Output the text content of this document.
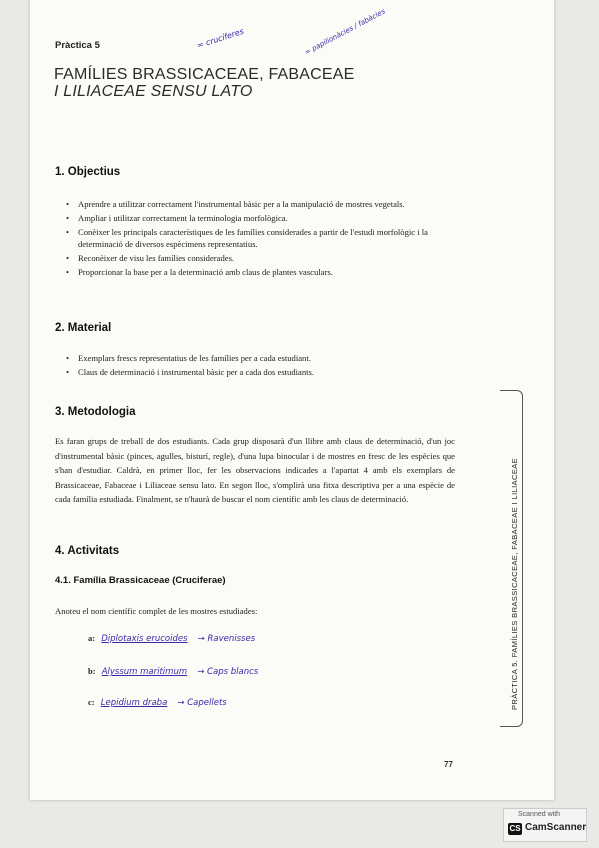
Pràctica 5	= crucíferes	= papilionàcies / fabàcies
FAMÍLIES BRASSICACEAE, FABACEAE
I LILIACEAE SENSU LATO
1. Objectius
• Aprendre a utilitzar correctament l'instrumental bàsic per a la manipulació de mostres vegetals.
• Ampliar i utilitzar correctament la terminologia morfològica.
• Conèixer les principals característiques de les famílies considerades a partir de l'estudi morfològic i la determinació de diversos espècimens representatius.
• Reconèixer de visu les famílies considerades.
• Proporcionar la base per a la determinació amb claus de plantes vasculars.
2. Material
• Exemplars frescs representatius de les famílies per a cada estudiant.
• Claus de determinació i instrumental bàsic per a cada dos estudiants.
3. Metodologia
Es faran grups de treball de dos estudiants. Cada grup disposarà d'un llibre amb claus de determinació, d'un joc d'instrumental bàsic (pinces, agulles, bisturí, regle), d'una lupa binocular i de mostres en fresc de les espècies que s'han d'estudiar. Caldrà, en primer lloc, fer les observacions indicades a l'apartat 4 amb els exemplars de Brassicaceae, Fabaceae i Liliaceae sensu lato. En segon lloc, s'omplirà una fitxa descriptiva per a una espècie de cada família estudiada. Finalment, se n'haurà de buscar el nom científic amb les claus de determinació.
4. Activitats
4.1. Família Brassicaceae (Cruciferae)
Anoteu el nom científic complet de les mostres estudiades:
a: Diplotaxis erucoides → Ravenisses
b: Alyssum maritimum → Caps blancs
c: Lepidium draba → Capellets	PRÀCTICA 5. FAMÍLIES BRASSICACEAE, FABACEAE I LILIACEAE
77
Scanned with
CS CamScanner
